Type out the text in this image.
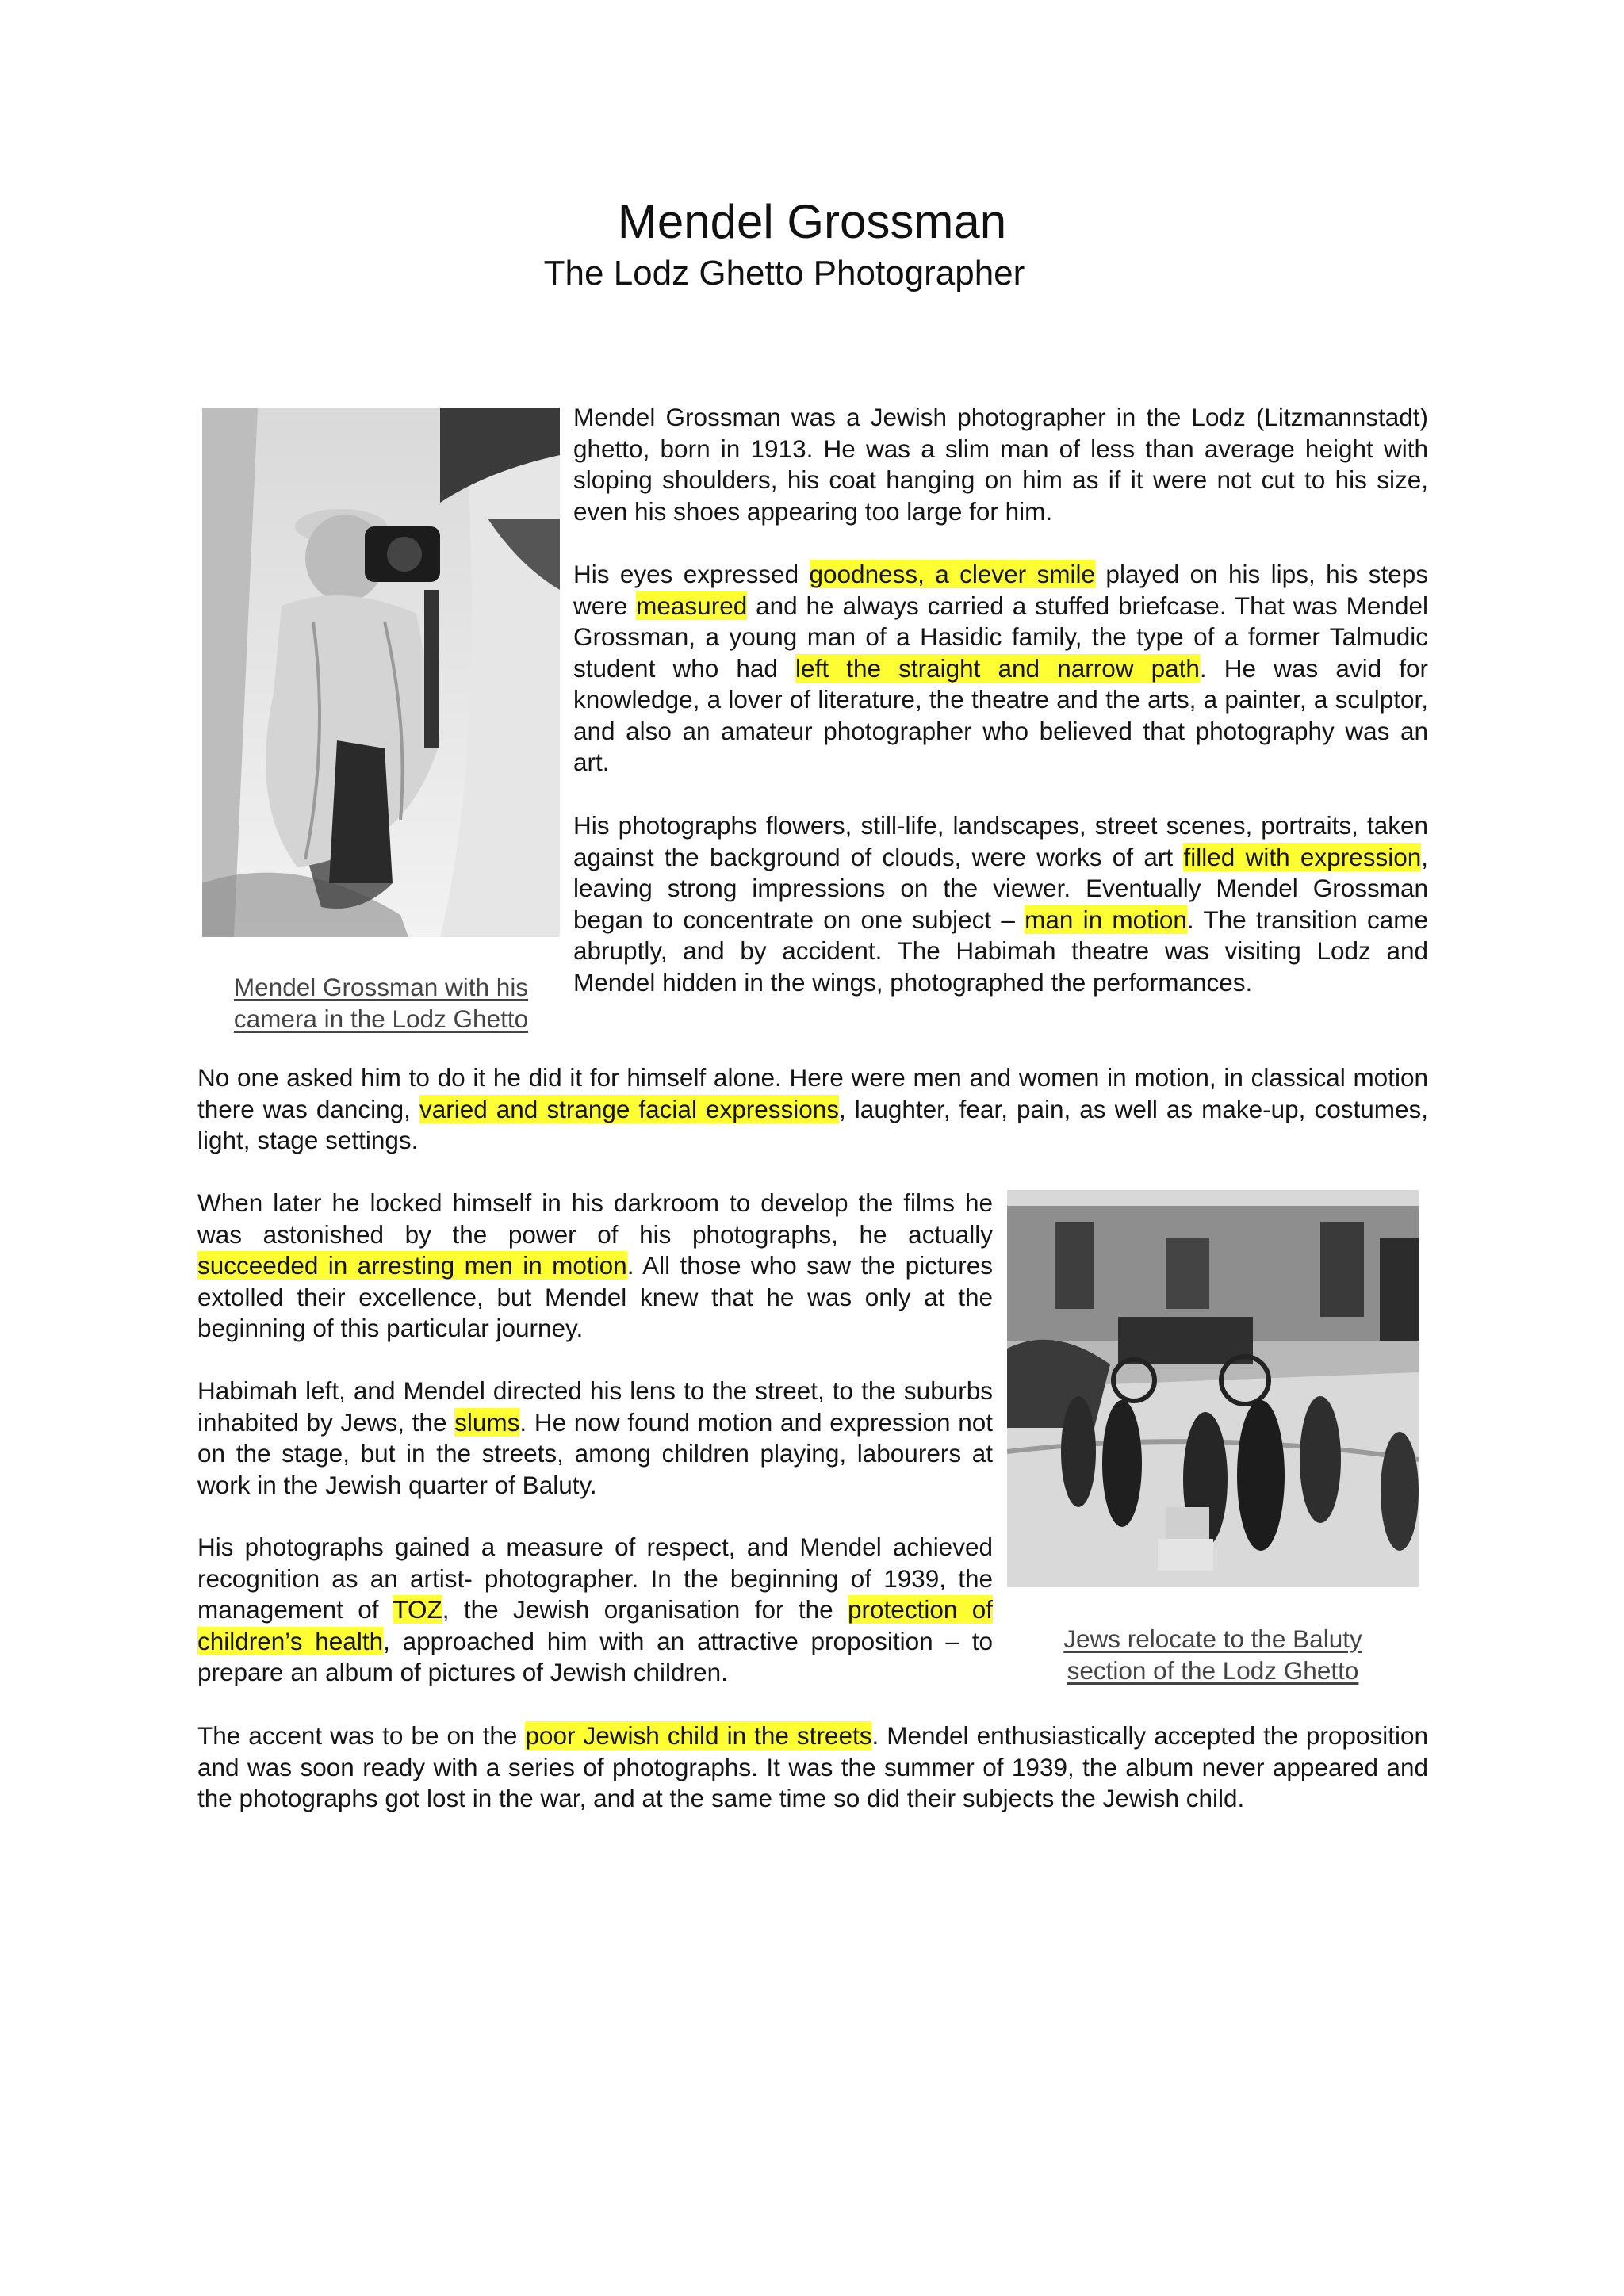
Mendel Grossman
The Lodz Ghetto Photographer
Mendel Grossman with his
camera in the Lodz Ghetto
Jews relocate to the Baluty
section of the Lodz Ghetto

Mendel Grossman was a Jewish photographer in the Lodz (Litzmannstadt) ghetto, born in 1913. He was a slim man of less than average height with sloping shoulders, his coat hanging on him as if it were not cut to his size, even his shoes appearing too large for him.

His eyes expressed goodness, a clever smile played on his lips, his steps were measured and he always carried a stuffed briefcase. That was Mendel Grossman, a young man of a Hasidic family, the type of a former Talmudic student who had left the straight and narrow path. He was avid for knowledge, a lover of literature, the theatre and the arts, a painter, a sculptor, and also an amateur photographer who believed that photography was an art.

His photographs flowers, still-life, landscapes, street scenes, portraits, taken against the background of clouds, were works of art filled with expression, leaving strong impressions on the viewer. Eventually Mendel Grossman began to concentrate on one subject – man in motion. The transition came abruptly, and by accident. The Habimah theatre was visiting Lodz and Mendel hidden in the wings, photographed the performances.

No one asked him to do it he did it for himself alone. Here were men and women in motion, in classical motion there was dancing, varied and strange facial expressions, laughter, fear, pain, as well as make-up, costumes, light, stage settings.

When later he locked himself in his darkroom to develop the films he was astonished by the power of his photographs, he actually succeeded in arresting men in motion. All those who saw the pictures extolled their excellence, but Mendel knew that he was only at the beginning of this particular journey.

Habimah left, and Mendel directed his lens to the street, to the suburbs inhabited by Jews, the slums. He now found motion and expression not on the stage, but in the streets, among children playing, labourers at work in the Jewish quarter of Baluty.

His photographs gained a measure of respect, and Mendel achieved recognition as an artist- photographer. In the beginning of 1939, the management of TOZ, the Jewish organisation for the protection of children’s health, approached him with an attractive proposition – to prepare an album of pictures of Jewish children.

The accent was to be on the poor Jewish child in the streets. Mendel enthusiastically accepted the proposition and was soon ready with a series of photographs. It was the summer of 1939, the album never appeared and the photographs got lost in the war, and at the same time so did their subjects the Jewish child.
